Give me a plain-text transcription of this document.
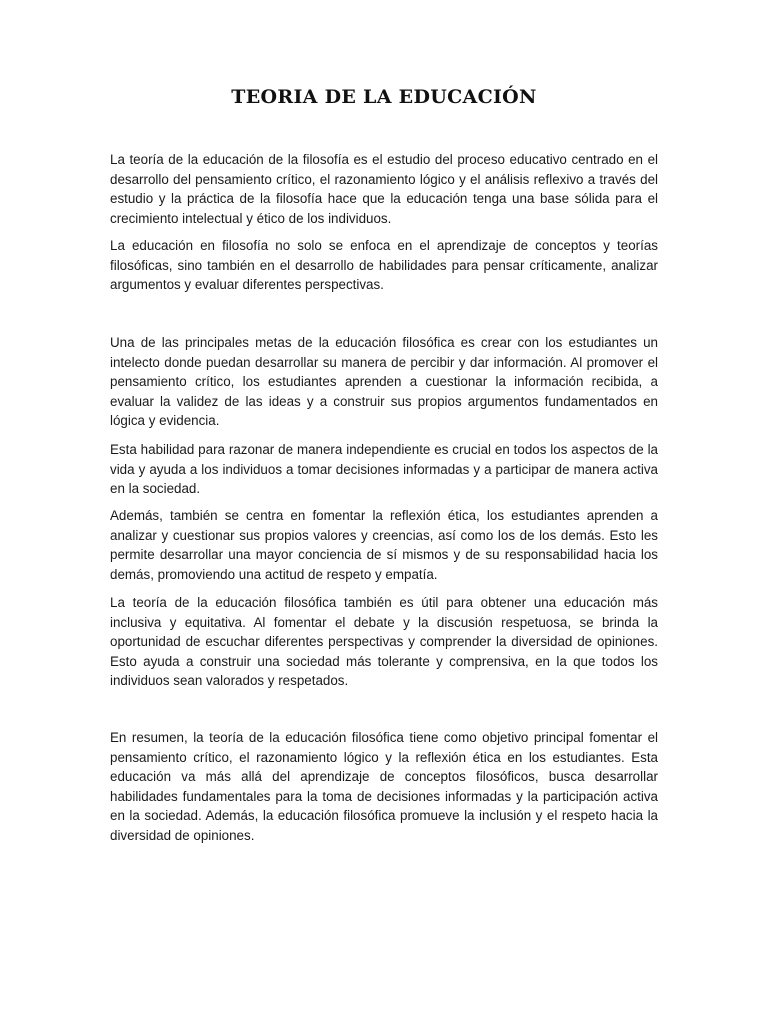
TEORIA DE LA EDUCACIÓN

La teoría de la educación de la filosofía es el estudio del proceso educativo centrado en el desarrollo del pensamiento crítico, el razonamiento lógico y el análisis reflexivo a través del estudio y la práctica de la filosofía hace que la educación tenga una base sólida para el crecimiento intelectual y ético de los individuos.

La educación en filosofía no solo se enfoca en el aprendizaje de conceptos y teorías filosóficas, sino también en el desarrollo de habilidades para pensar críticamente, analizar argumentos y evaluar diferentes perspectivas.

Una de las principales metas de la educación filosófica es crear con los estudiantes un intelecto donde puedan desarrollar su manera de percibir y dar información. Al promover el pensamiento crítico, los estudiantes aprenden a cuestionar la información recibida, a evaluar la validez de las ideas y a construir sus propios argumentos fundamentados en lógica y evidencia.

Esta habilidad para razonar de manera independiente es crucial en todos los aspectos de la vida y ayuda a los individuos a tomar decisiones informadas y a participar de manera activa en la sociedad.

Además, también se centra en fomentar la reflexión ética, los estudiantes aprenden a analizar y cuestionar sus propios valores y creencias, así como los de los demás. Esto les permite desarrollar una mayor conciencia de sí mismos y de su responsabilidad hacia los demás, promoviendo una actitud de respeto y empatía.

La teoría de la educación filosófica también es útil para obtener una educación más inclusiva y equitativa. Al fomentar el debate y la discusión respetuosa, se brinda la oportunidad de escuchar diferentes perspectivas y comprender la diversidad de opiniones. Esto ayuda a construir una sociedad más tolerante y comprensiva, en la que todos los individuos sean valorados y respetados.

En resumen, la teoría de la educación filosófica tiene como objetivo principal fomentar el pensamiento crítico, el razonamiento lógico y la reflexión ética en los estudiantes. Esta educación va más allá del aprendizaje de conceptos filosóficos, busca desarrollar habilidades fundamentales para la toma de decisiones informadas y la participación activa en la sociedad. Además, la educación filosófica promueve la inclusión y el respeto hacia la diversidad de opiniones.
